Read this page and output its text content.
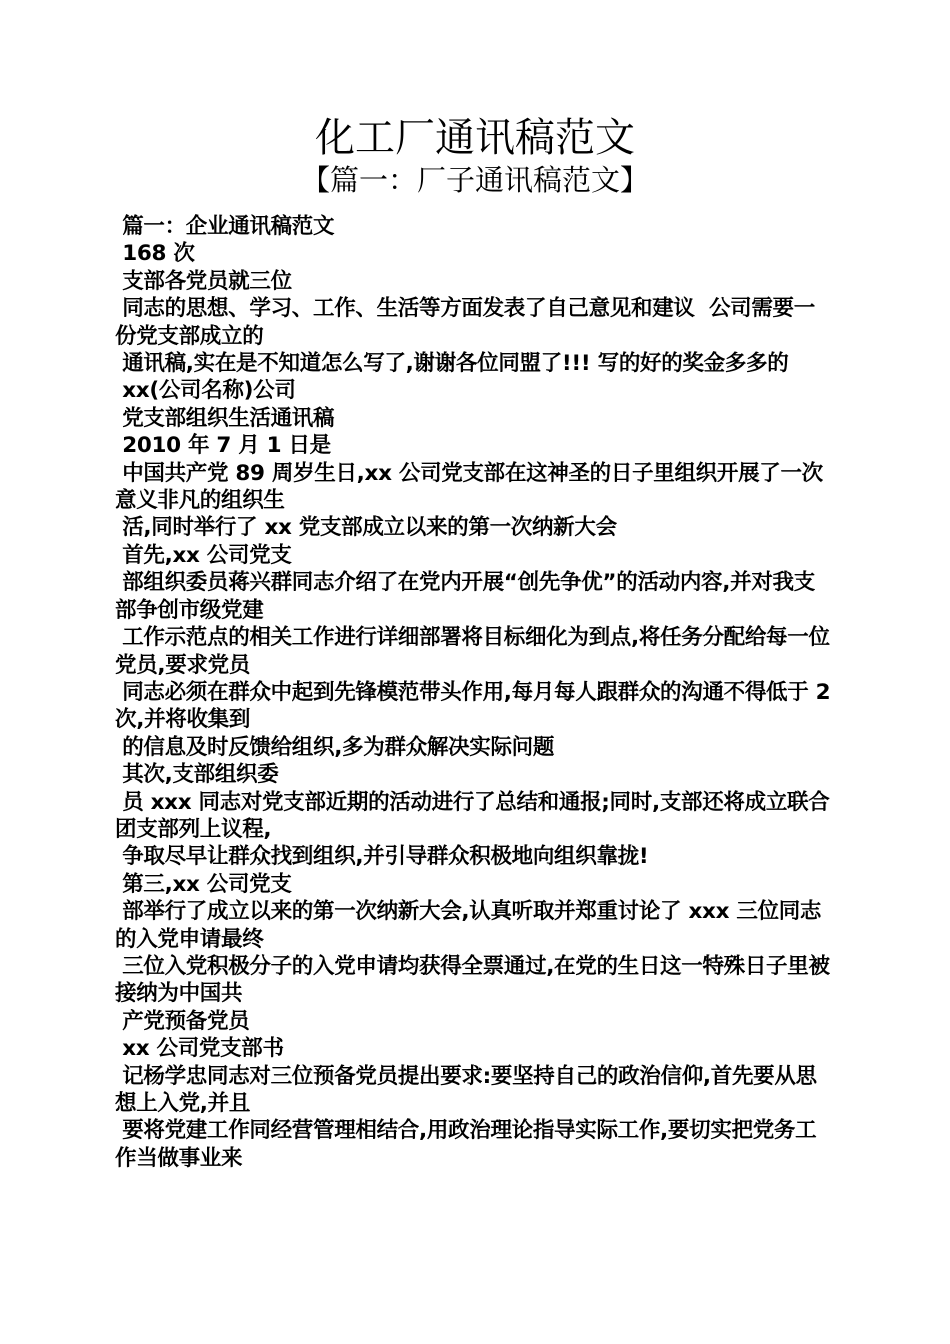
化工厂通讯稿范文
【篇一：厂子通讯稿范文】

篇一：企业通讯稿范文

168 次

支部各党员就三位

同志的思想、学习、工作、生活等方面发表了自己意见和建议  公司需要一份党支部成立的

通讯稿,实在是不知道怎么写了,谢谢各位同盟了!!! 写的好的奖金多多的

xx(公司名称)公司

党支部组织生活通讯稿

2010 年 7 月 1 日是

中国共产党 89 周岁生日,xx 公司党支部在这神圣的日子里组织开展了一次意义非凡的组织生

活,同时举行了 xx 党支部成立以来的第一次纳新大会

首先,xx 公司党支

部组织委员蒋兴群同志介绍了在党内开展“创先争优”的活动内容,并对我支部争创市级党建

工作示范点的相关工作进行详细部署将目标细化为到点,将任务分配给每一位党员,要求党员

同志必须在群众中起到先锋模范带头作用,每月每人跟群众的沟通不得低于 2 次,并将收集到

的信息及时反馈给组织,多为群众解决实际问题

其次,支部组织委

员 xxx 同志对党支部近期的活动进行了总结和通报;同时,支部还将成立联合团支部列上议程,

争取尽早让群众找到组织,并引导群众积极地向组织靠拢!

第三,xx 公司党支

部举行了成立以来的第一次纳新大会,认真听取并郑重讨论了 xxx 三位同志的入党申请最终

三位入党积极分子的入党申请均获得全票通过,在党的生日这一特殊日子里被接纳为中国共

产党预备党员

xx 公司党支部书

记杨学忠同志对三位预备党员提出要求:要坚持自己的政治信仰,首先要从思想上入党,并且

要将党建工作同经营管理相结合,用政治理论指导实际工作,要切实把党务工作当做事业来
